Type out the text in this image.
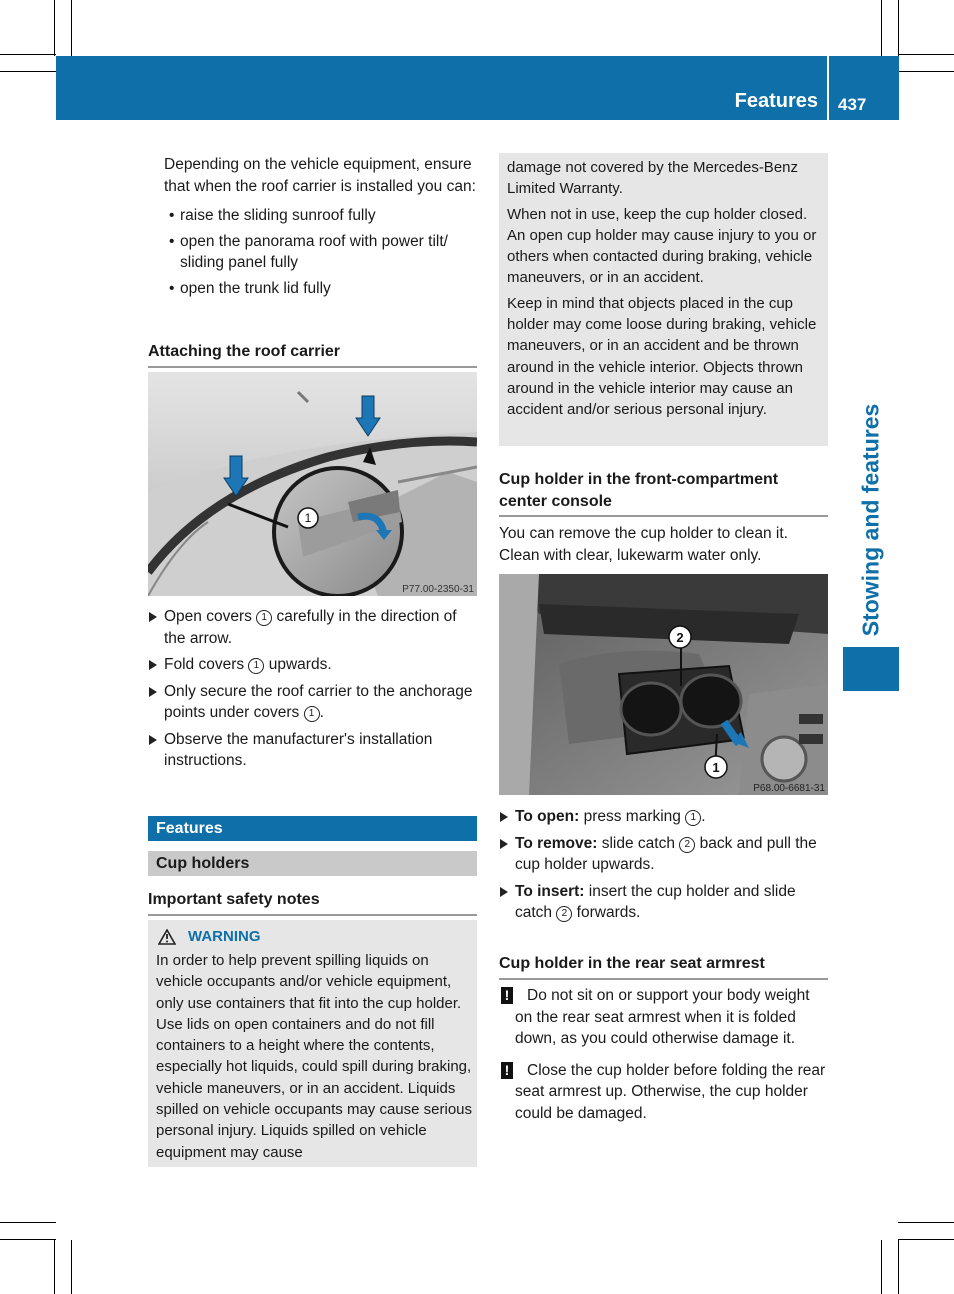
Features 437
Stowing and features

Depending on the vehicle equipment, ensure that when the roof carrier is installed you can:

• raise the sliding sunroof fully
• open the panorama roof with power tilt/ sliding panel fully
• open the trunk lid fully
Attaching the roof carrier
1
P77.00-2350-31
Open covers 1 carefully in the direction of the arrow.
Fold covers 1 upwards.
Only secure the roof carrier to the anchorage points under covers 1 .
Observe the manufacturer's installation instructions.
Features
Cup holders
Important safety notes
WARNING

In order to help prevent spilling liquids on vehicle occupants and/or vehicle equipment, only use containers that fit into the cup holder. Use lids on open containers and do not fill containers to a height where the contents, especially hot liquids, could spill during braking, vehicle maneuvers, or in an accident. Liquids spilled on vehicle occupants may cause serious personal injury. Liquids spilled on vehicle equipment may cause

damage not covered by the Mercedes-Benz Limited Warranty.

When not in use, keep the cup holder closed. An open cup holder may cause injury to you or others when contacted during braking, vehicle maneuvers, or in an accident.

Keep in mind that objects placed in the cup holder may come loose during braking, vehicle maneuvers, or in an accident and be thrown around in the vehicle interior. Objects thrown around in the vehicle interior may cause an accident and/or serious personal injury.

Cup holder in the front-compartment center console

You can remove the cup holder to clean it. Clean with clear, lukewarm water only.

2
1
P68.00-6681-31
To open: press marking 1 .
To remove: slide catch 2 back and pull the cup holder upwards.
To insert: insert the cup holder and slide catch 2 forwards.
Cup holder in the rear seat armrest
! Do not sit on or support your body weight on the rear seat armrest when it is folded down, as you could otherwise damage it.
! Close the cup holder before folding the rear seat armrest up. Otherwise, the cup holder could be damaged.
